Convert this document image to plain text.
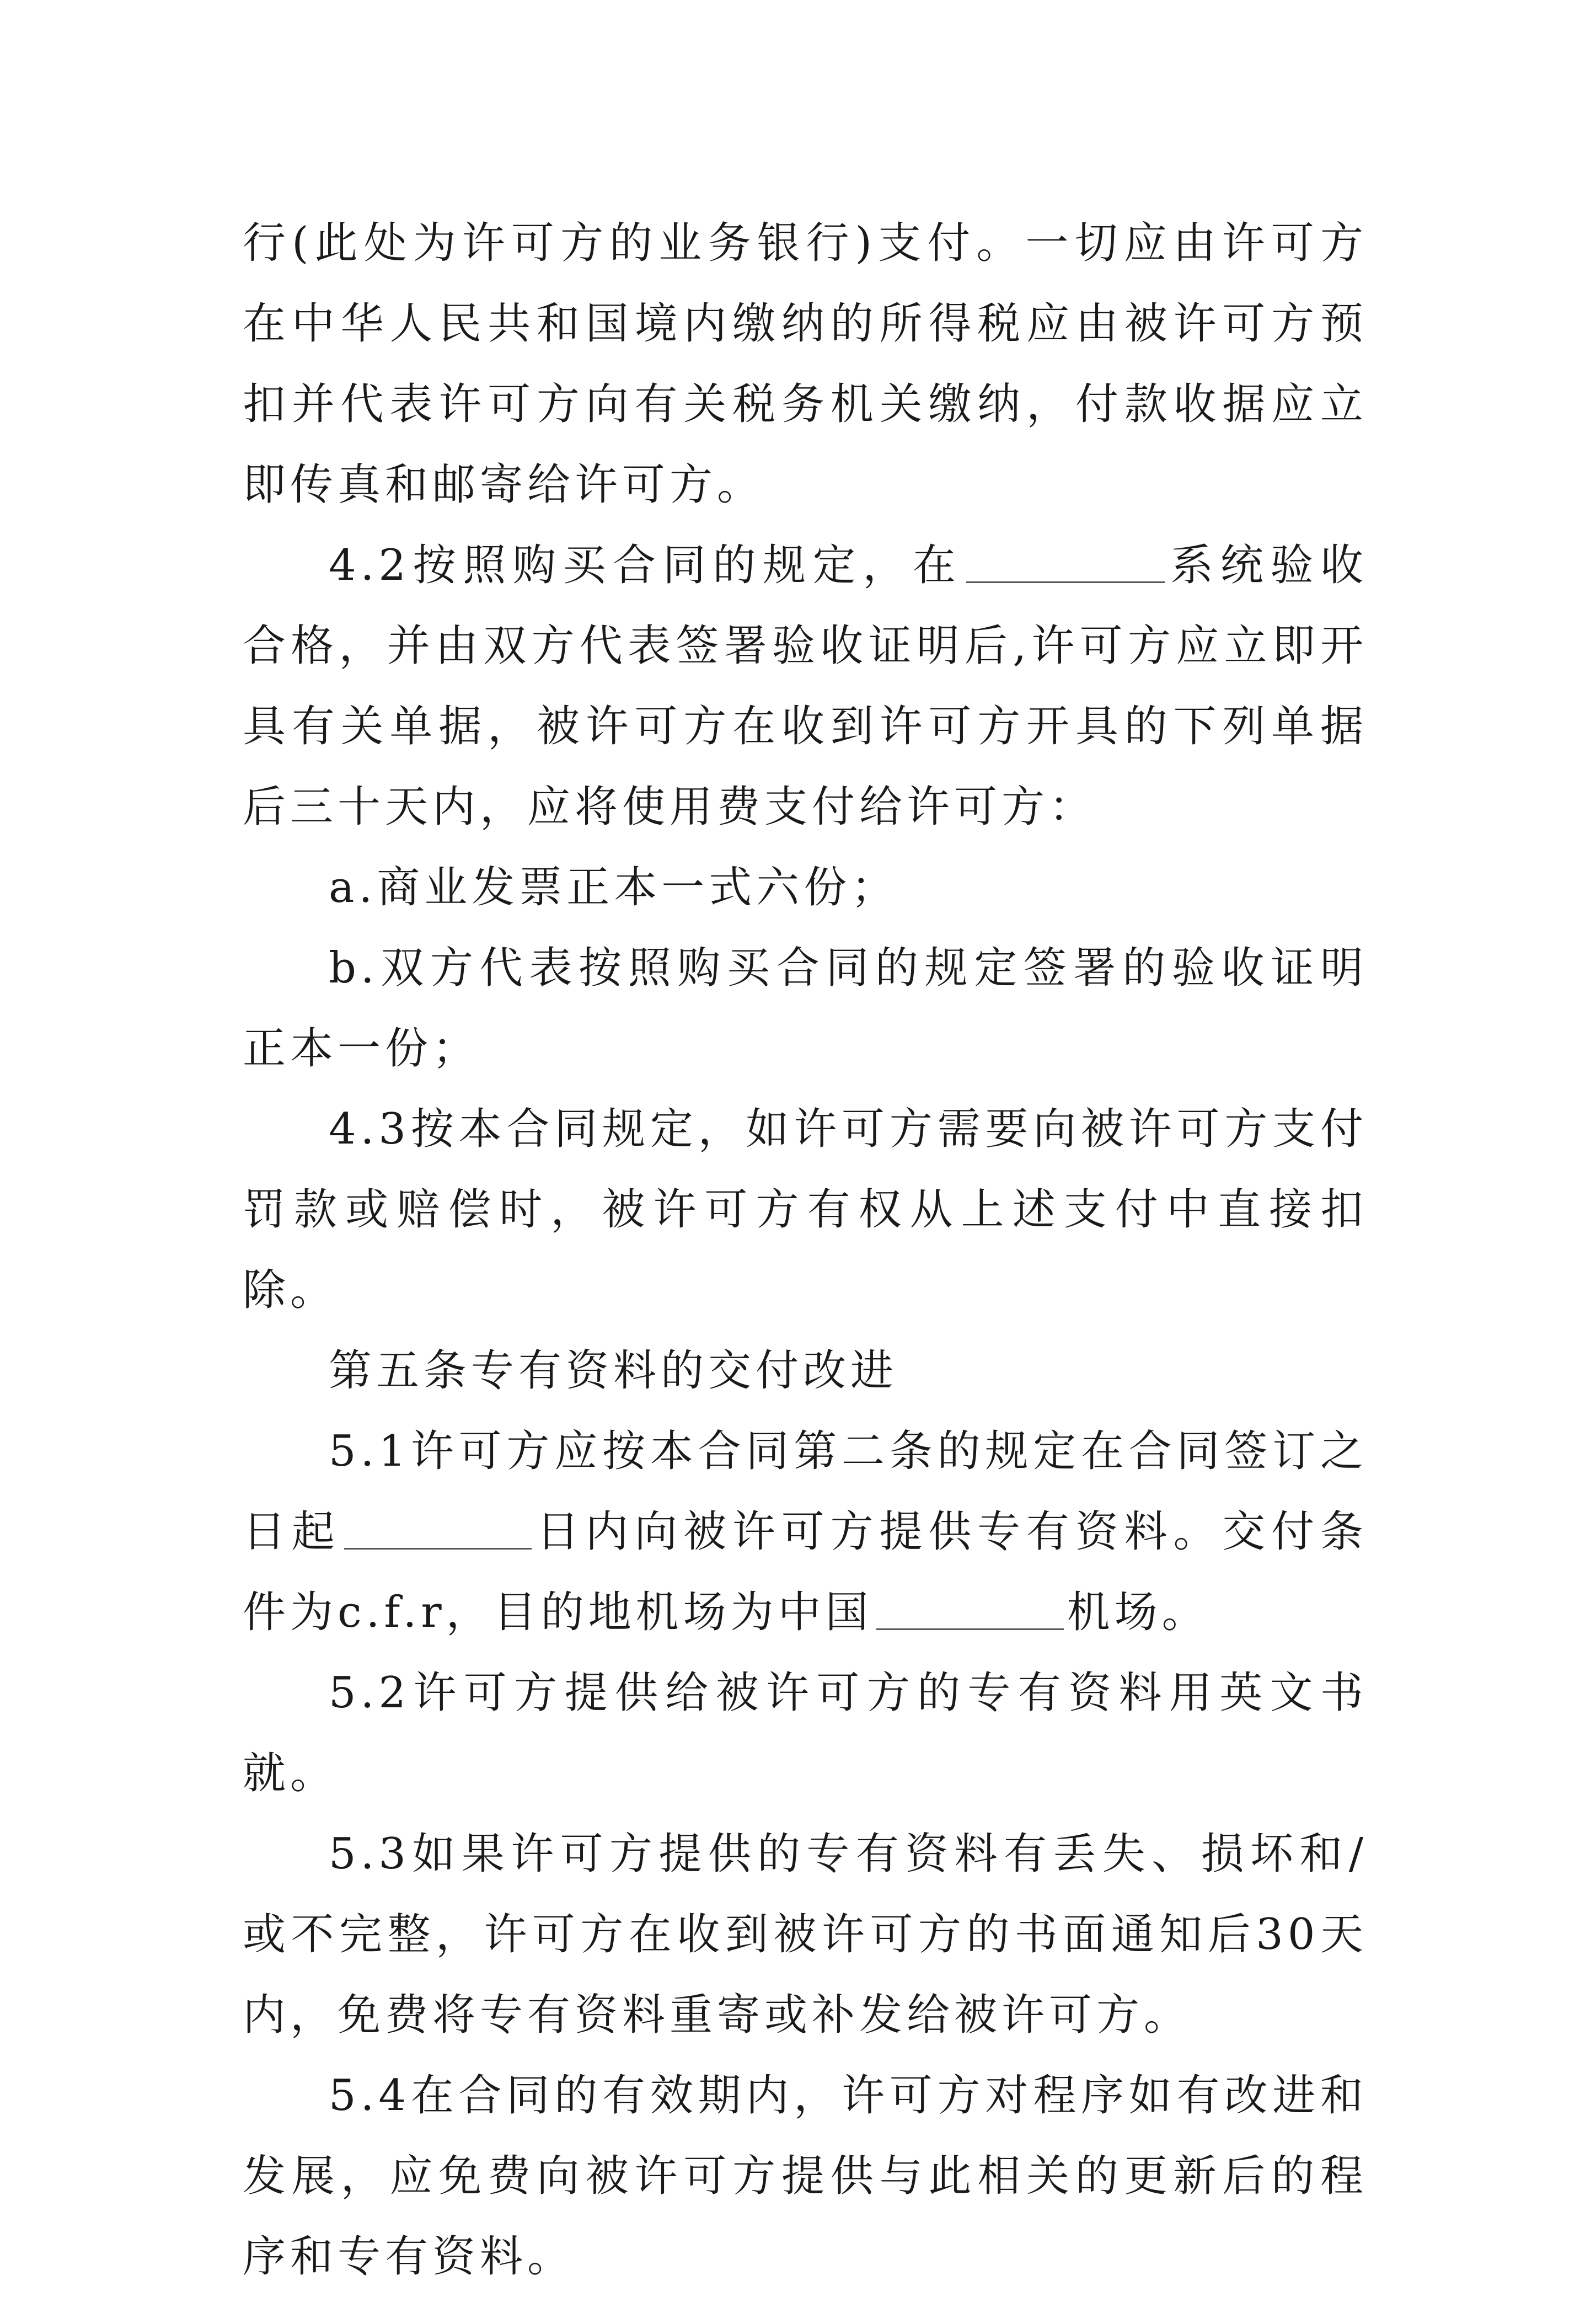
行(此处为许可方的业务银行)支付。一切应由许可方在中华人民共和国境内缴纳的所得税应由被许可方预扣并代表许可方向有关税务机关缴纳，付款收据应立即传真和邮寄给许可方。

4.2按照购买合同的规定，在	系统验收合格，并由双方代表签署验收证明后,许可方应立即开具有关单据，被许可方在收到许可方开具的下列单据后三十天内，应将使用费支付给许可方：

a.商业发票正本一式六份；

b.双方代表按照购买合同的规定签署的验收证明正本一份；

4.3按本合同规定，如许可方需要向被许可方支付罚款或赔偿时，被许可方有权从上述支付中直接扣除。

第五条专有资料的交付改进

5.1许可方应按本合同第二条的规定在合同签订之日起	日内向被许可方提供专有资料。交付条件为c.f.r，目的地机场为中国	机场。

5.2许可方提供给被许可方的专有资料用英文书就。

5.3如果许可方提供的专有资料有丢失、损坏和/或不完整，许可方在收到被许可方的书面通知后30天内，免费将专有资料重寄或补发给被许可方。

5.4在合同的有效期内，许可方对程序如有改进和发展，应免费向被许可方提供与此相关的更新后的程序和专有资料。
